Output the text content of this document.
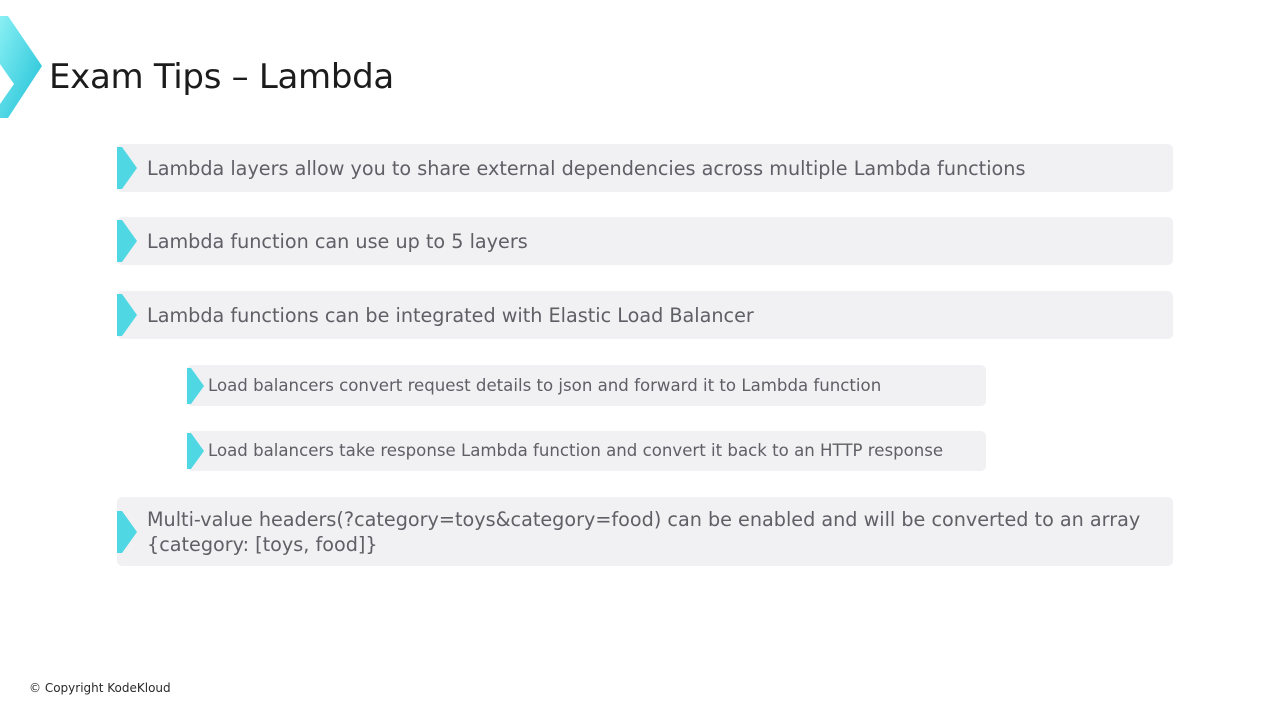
Exam Tips – Lambda
Lambda layers allow you to share external dependencies across multiple Lambda functions
Lambda function can use up to 5 layers
Lambda functions can be integrated with Elastic Load Balancer
Load balancers convert request details to json and forward it to Lambda function
Load balancers take response Lambda function and convert it back to an HTTP response
Multi-value headers(?category=toys&category=food) can be enabled and will be converted to an array
{category: [toys, food]}
© Copyright KodeKloud
